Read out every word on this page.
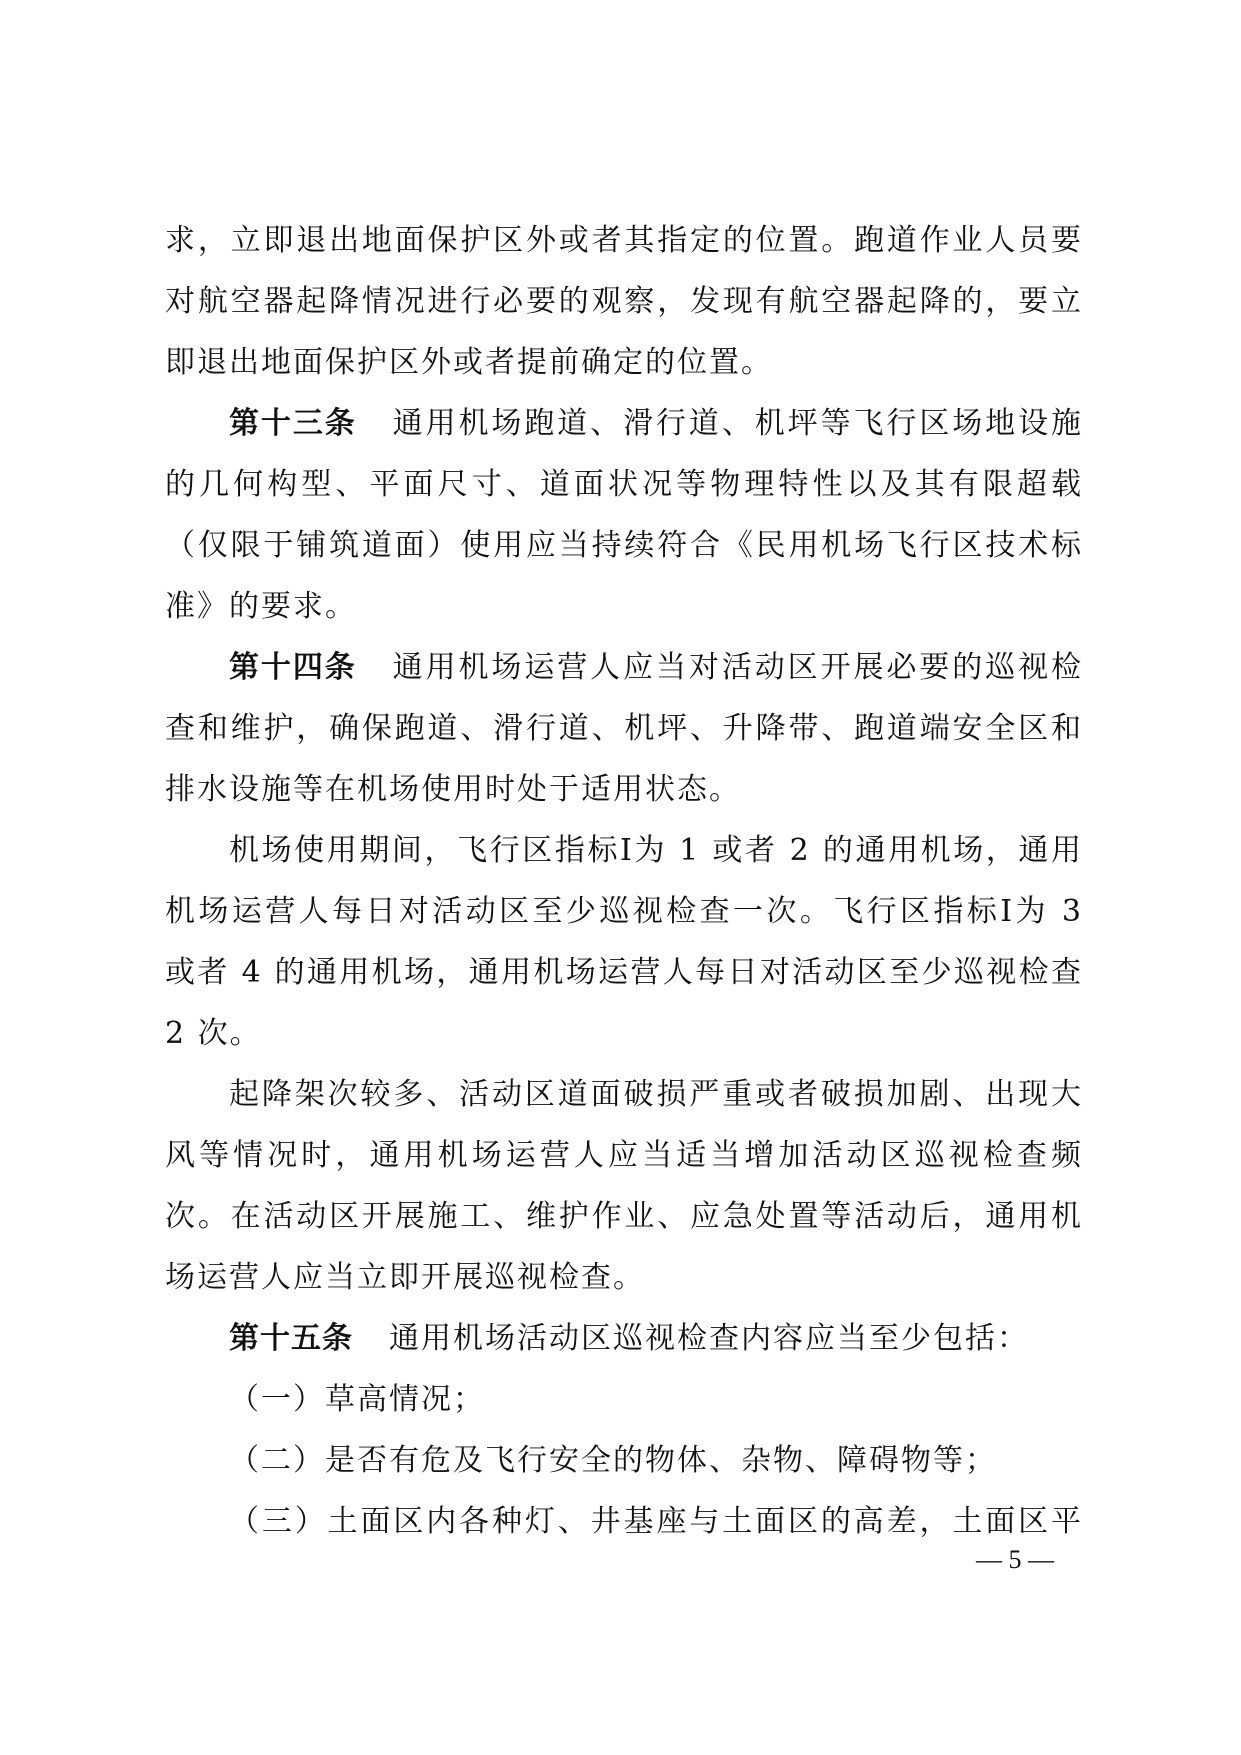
求，立即退出地面保护区外或者其指定的位置。跑道作业人员要
对航空器起降情况进行必要的观察，发现有航空器起降的，要立
即退出地面保护区外或者提前确定的位置。
第十三条 通用机场跑道、滑行道、机坪等飞行区场地设施
的几何构型、平面尺寸、道面状况等物理特性以及其有限超载
（仅限于铺筑道面）使用应当持续符合《民用机场飞行区技术标
准》的要求。
第十四条 通用机场运营人应当对活动区开展必要的巡视检
查和维护，确保跑道、滑行道、机坪、升降带、跑道端安全区和
排水设施等在机场使用时处于适用状态。
机场使用期间，飞行区指标Ⅰ为 1 或者 2 的通用机场，通用
机场运营人每日对活动区至少巡视检查一次。飞行区指标Ⅰ为 3
或者 4 的通用机场，通用机场运营人每日对活动区至少巡视检查
2 次。
起降架次较多、活动区道面破损严重或者破损加剧、出现大
风等情况时，通用机场运营人应当适当增加活动区巡视检查频
次。在活动区开展施工、维护作业、应急处置等活动后，通用机
场运营人应当立即开展巡视检查。
第十五条 通用机场活动区巡视检查内容应当至少包括：
（一）草高情况；
（二）是否有危及飞行安全的物体、杂物、障碍物等；
（三）土面区内各种灯、井基座与土面区的高差，土面区平
— 5 —
